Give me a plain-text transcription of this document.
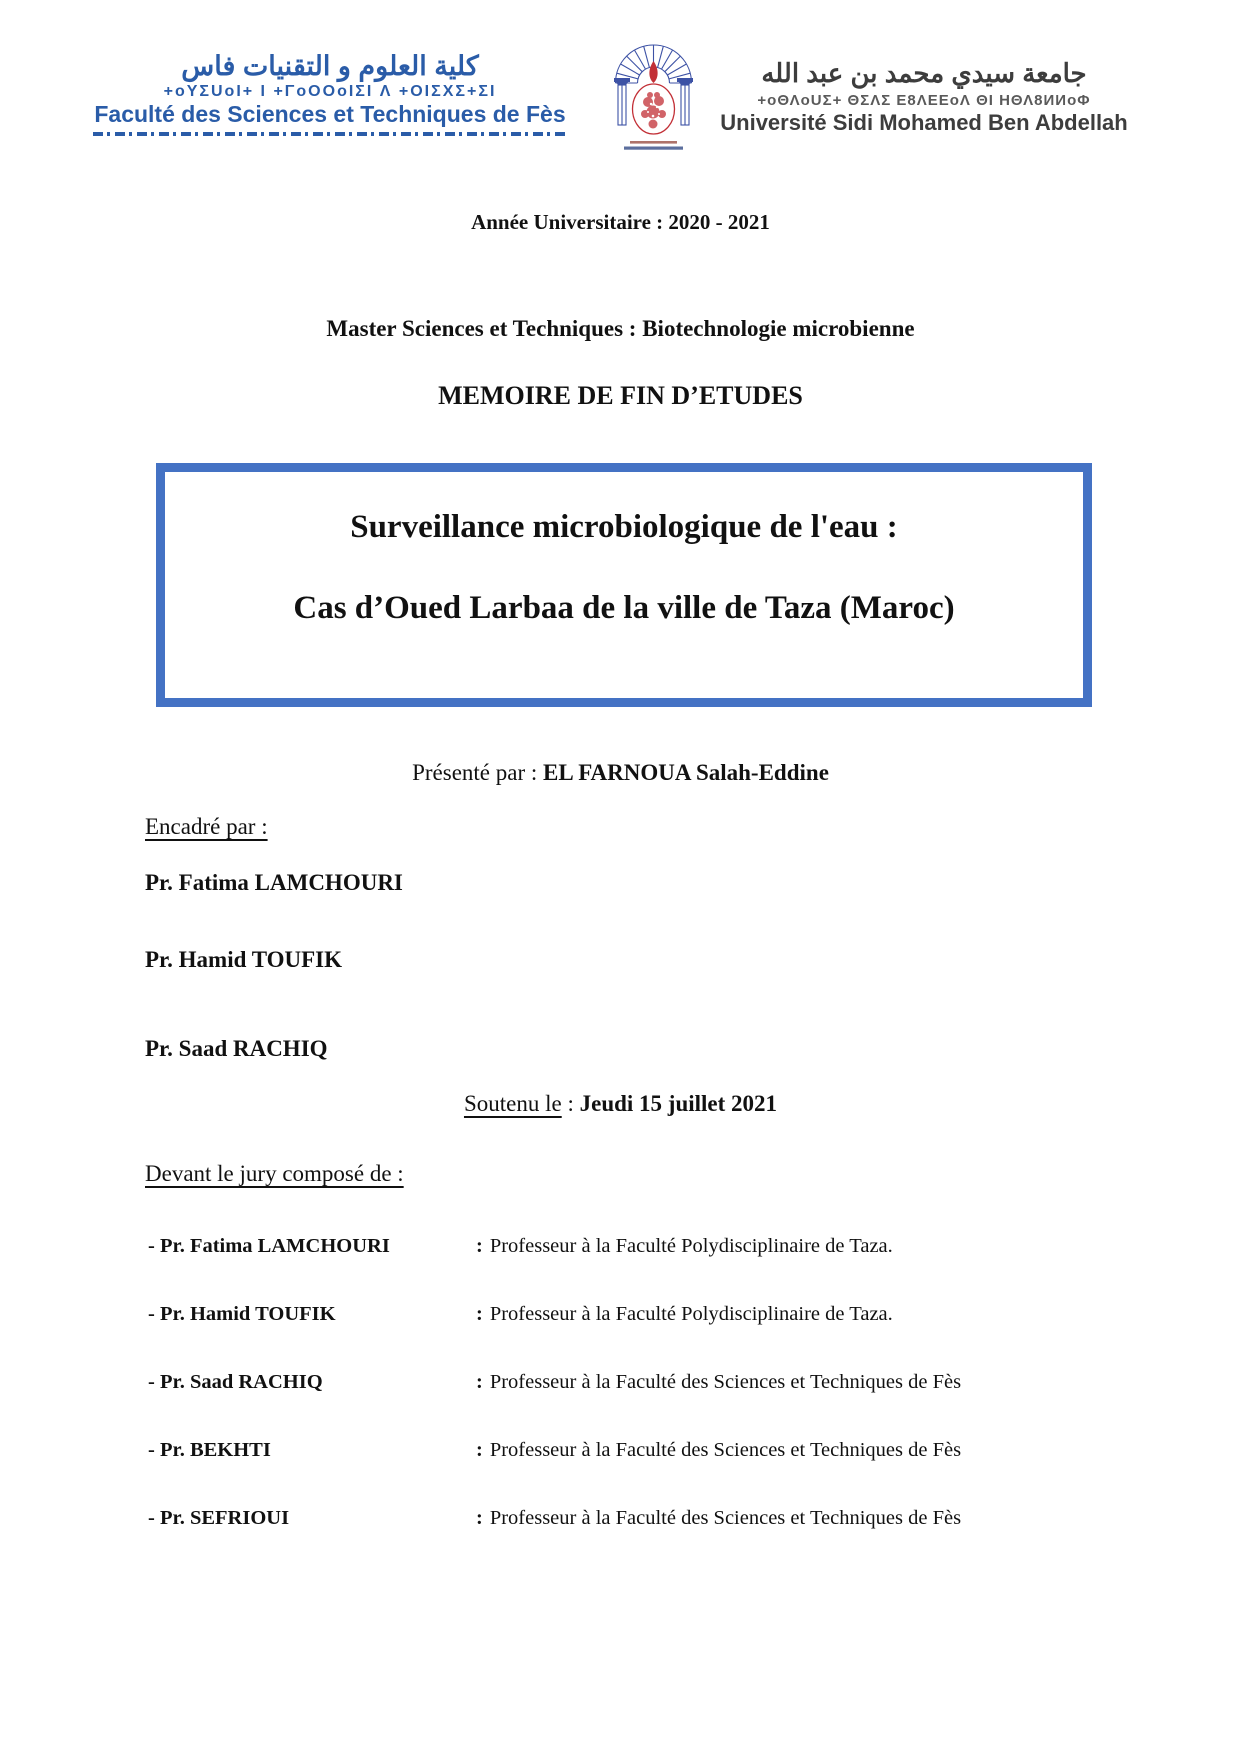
كلية العلوم و التقنيات فاس
+oYΣUoI+ I +ΓoOOoIΣI Λ +OIΣXΣ+ΣI
Faculté des Sciences et Techniques de Fès
جامعة سيدي محمد بن عبد الله
+oΘΛoUΣ+ ΘΣΛΣ Ε8ΛΕΕoΛ ΘΙ ΗΘΛ8ИИoΦ
Université Sidi Mohamed Ben Abdellah
Année Universitaire : 2020 - 2021
Master Sciences et Techniques : Biotechnologie microbienne
MEMOIRE DE FIN D’ETUDES
Surveillance microbiologique de l'eau :
Cas d’Oued Larbaa de la ville de Taza (Maroc)
Présenté par : EL FARNOUA Salah-Eddine
Encadré par :
Pr. Fatima LAMCHOURI
Pr. Hamid TOUFIK
Pr. Saad RACHIQ
Soutenu le : Jeudi 15 juillet 2021
Devant le jury composé de :
- Pr. Fatima LAMCHOURI	: Professeur à la Faculté Polydisciplinaire de Taza.
- Pr. Hamid TOUFIK	: Professeur à la Faculté Polydisciplinaire de Taza.
- Pr. Saad RACHIQ	: Professeur à la Faculté des Sciences et Techniques de Fès
- Pr. BEKHTI	: Professeur à la Faculté des Sciences et Techniques de Fès
- Pr. SEFRIOUI	: Professeur à la Faculté des Sciences et Techniques de Fès
